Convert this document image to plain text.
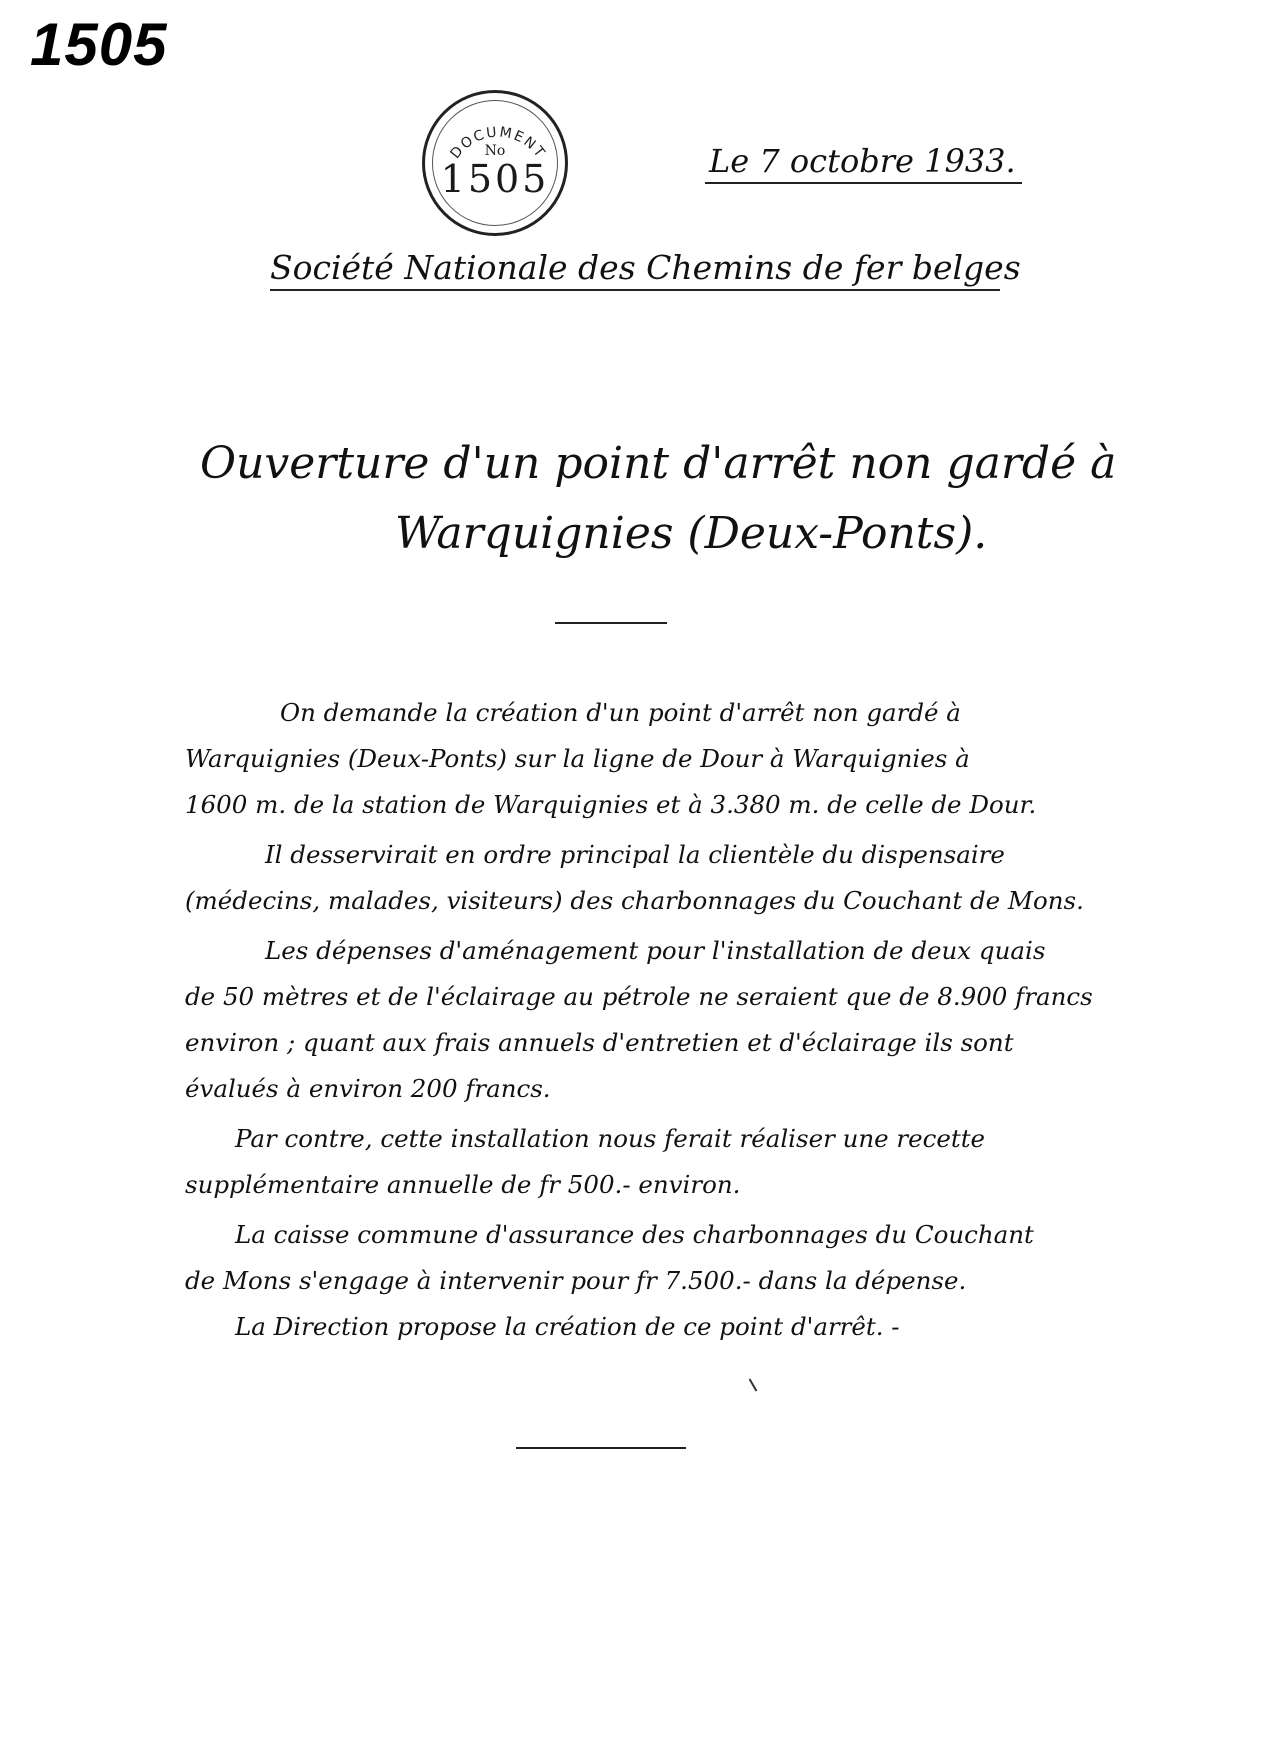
1505
DOCUMENT
No
1505	Le 7 octobre 1933.
Société Nationale des Chemins de fer belges
Ouverture d'un point d'arrêt non gardé à
Warquignies (Deux-Ponts).
On demande la création d'un point d'arrêt non gardé à
Warquignies (Deux-Ponts) sur la ligne de Dour à Warquignies à
1600 m. de la station de Warquignies et à 3.380 m. de celle de Dour.
Il desservirait en ordre principal la clientèle du dispensaire
(médecins, malades, visiteurs) des charbonnages du Couchant de Mons.
Les dépenses d'aménagement pour l'installation de deux quais
de 50 mètres et de l'éclairage au pétrole ne seraient que de 8.900 francs
environ ; quant aux frais annuels d'entretien et d'éclairage ils sont
évalués à environ 200 francs.
Par contre, cette installation nous ferait réaliser une recette
supplémentaire annuelle de fr 500.- environ.
La caisse commune d'assurance des charbonnages du Couchant
de Mons s'engage à intervenir pour fr 7.500.- dans la dépense.
La Direction propose la création de ce point d'arrêt. -
